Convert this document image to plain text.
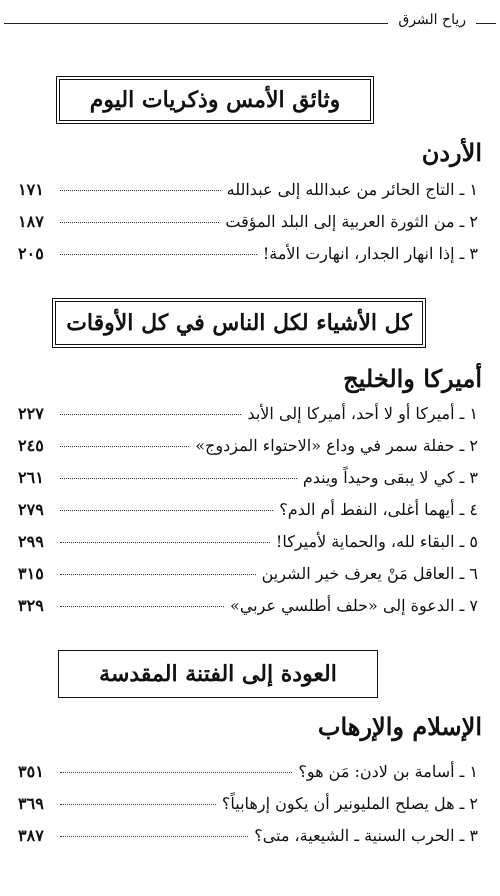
رياح الشرق
وثائق الأمس وذكريات اليوم
الأردن
١ ـ التاج الحائر من عبدالله إلى عبدالله
١٧١
٢ ـ من الثورة العربية إلى البلد المؤقت
١٨٧
٣ ـ إذا انهار الجدار، انهارت الأمة!
٢٠٥
كل الأشياء لكل الناس في كل الأوقات
أميركا والخليج
١ ـ أميركا أو لا أحد، أميركا إلى الأبد
٢٢٧
٢ ـ حفلة سمر في وداع «الاحتواء المزدوج»
٢٤٥
٣ ـ كي لا يبقى وحيداً ويندم
٢٦١
٤ ـ أيهما أغلى، النفط أم الدم؟
٢٧٩
٥ ـ البقاء لله، والحماية لأميركا!
٢٩٩
٦ ـ العاقل مَنْ يعرف خير الشرين
٣١٥
٧ ـ الدعوة إلى «حلف أطلسي عربي»
٣٢٩
العودة إلى الفتنة المقدسة
الإسلام والإرهاب
١ ـ أسامة بن لادن: مَن هو؟
٣٥١
٢ ـ هل يصلح المليونير أن يكون إرهابياً؟
٣٦٩
٣ ـ الحرب السنية ـ الشيعية، متى؟
٣٨٧
